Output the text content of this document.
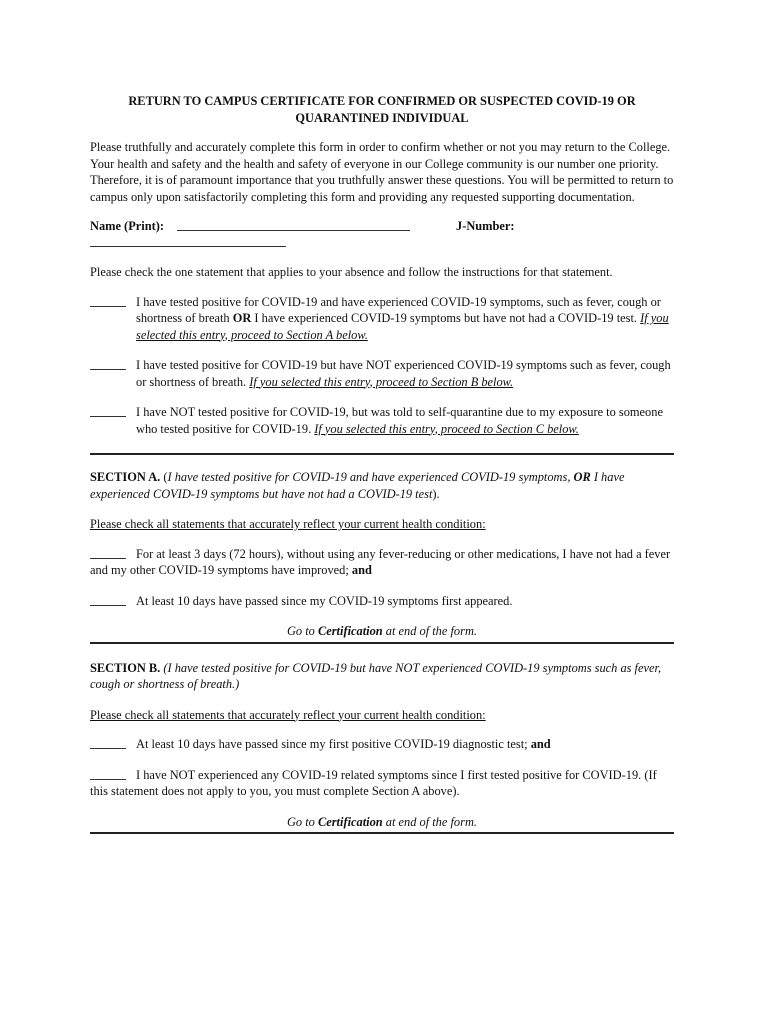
RETURN TO CAMPUS CERTIFICATE FOR CONFIRMED OR SUSPECTED COVID-19 OR
QUARANTINED INDIVIDUAL

Please truthfully and accurately complete this form in order to confirm whether or not you may return to the College. Your health and safety and the health and safety of everyone in our College community is our number one priority. Therefore, it is of paramount importance that you truthfully answer these questions. You will be permitted to return to campus only upon satisfactorily completing this form and providing any requested supporting documentation.

Name (Print):	J-Number:

Please check the one statement that applies to your absence and follow the instructions for that statement.

I have tested positive for COVID-19 and have experienced COVID-19 symptoms, such as fever, cough or shortness of breath OR I have experienced COVID-19 symptoms but have not had a COVID-19 test. If you selected this entry, proceed to Section A below.
I have tested positive for COVID-19 but have NOT experienced COVID-19 symptoms such as fever, cough or shortness of breath. If you selected this entry, proceed to Section B below.
I have NOT tested positive for COVID-19, but was told to self-quarantine due to my exposure to someone who tested positive for COVID-19. If you selected this entry, proceed to Section C below.
SECTION A. (I have tested positive for COVID-19 and have experienced COVID-19 symptoms, OR I have experienced COVID-19 symptoms but have not had a COVID-19 test).

Please check all statements that accurately reflect your current health condition:

For at least 3 days (72 hours), without using any fever-reducing or other medications, I have not had a fever and my other COVID-19 symptoms have improved; and
At least 10 days have passed since my COVID-19 symptoms first appeared.

Go to Certification at end of the form.

SECTION B. (I have tested positive for COVID-19 but have NOT experienced COVID-19 symptoms such as fever, cough or shortness of breath.)

Please check all statements that accurately reflect your current health condition:

At least 10 days have passed since my first positive COVID-19 diagnostic test; and
I have NOT experienced any COVID-19 related symptoms since I first tested positive for COVID-19. (If this statement does not apply to you, you must complete Section A above).

Go to Certification at end of the form.
